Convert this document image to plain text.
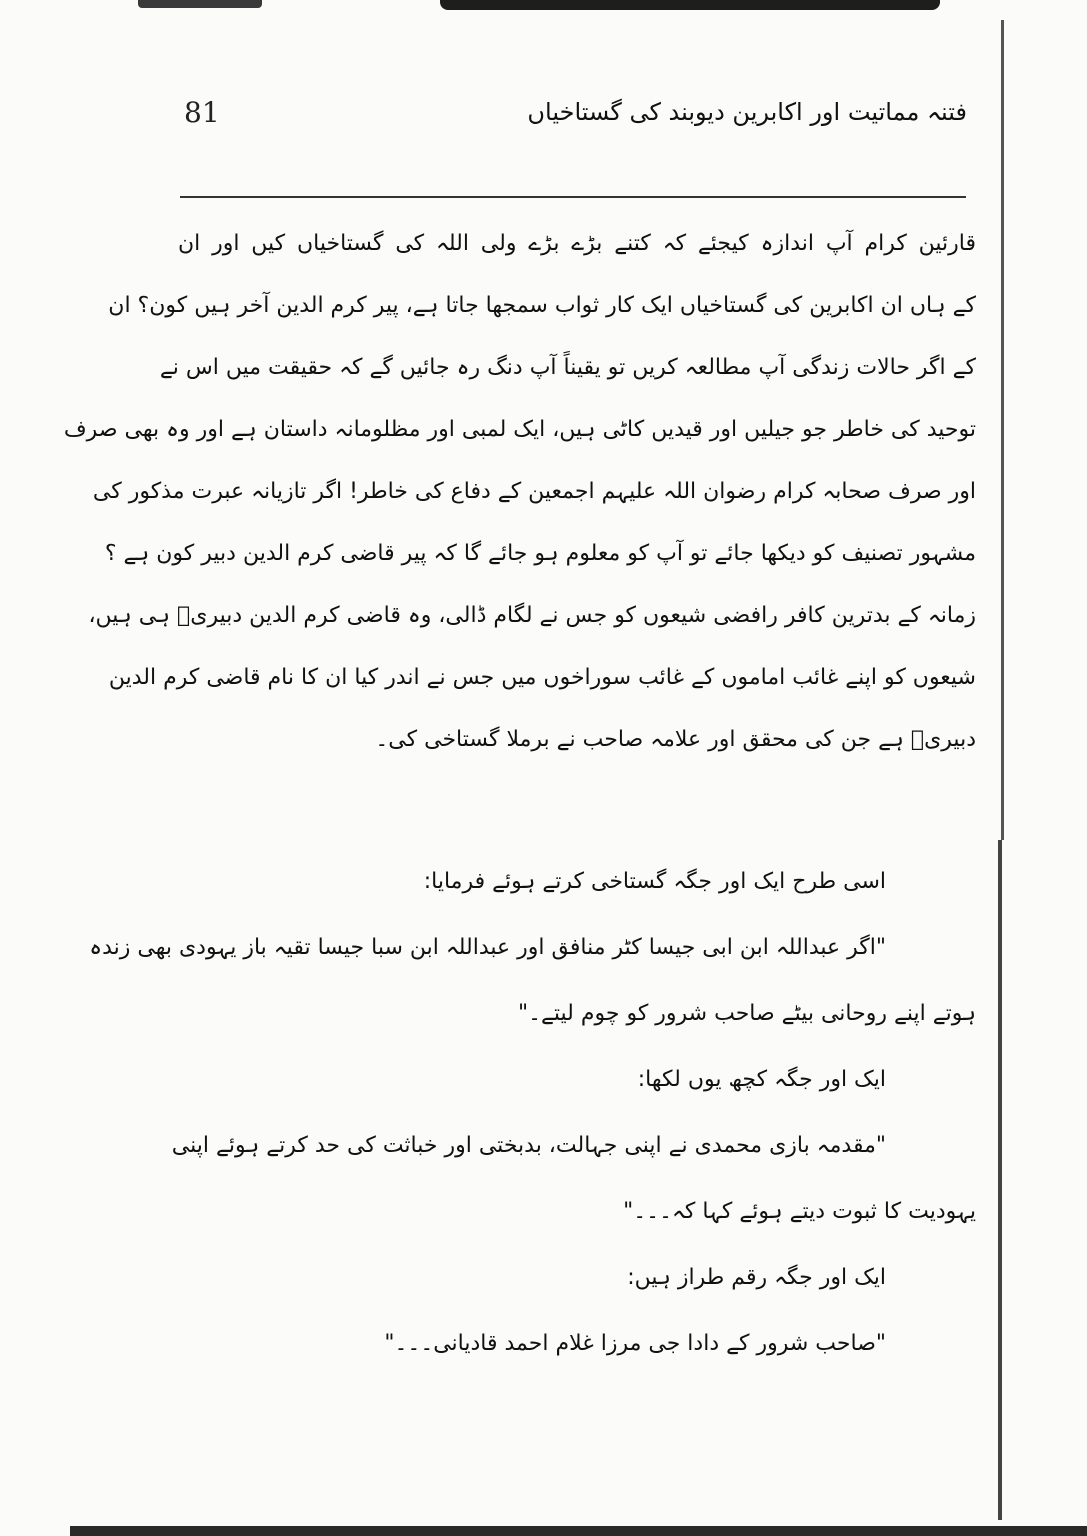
81	فتنہ مماتیت اور اکابرین دیوبند کی گستاخیاں
قارئین کرام آپ اندازہ کیجئے کہ کتنے بڑے بڑے ولی اللہ کی گستاخیاں کیں اور ان
کے ہاں ان اکابرین کی گستاخیاں ایک کار ثواب سمجھا جاتا ہے، پیر کرم الدین آخر ہیں کون؟ ان
کے اگر حالات زندگی آپ مطالعہ کریں تو یقیناً آپ دنگ رہ جائیں گے کہ حقیقت میں اس نے
توحید کی خاطر جو جیلیں اور قیدیں کاٹی ہیں، ایک لمبی اور مظلومانہ داستان ہے اور وہ بھی صرف
اور صرف صحابہ کرام رضوان اللہ علیہم اجمعین کے دفاع کی خاطر! اگر تازیانہ عبرت مذکور کی
مشہور تصنیف کو دیکھا جائے تو آپ کو معلوم ہو جائے گا کہ پیر قاضی کرم الدین دبیر کون ہے ؟
زمانہ کے بدترین کافر رافضی شیعوں کو جس نے لگام ڈالی، وہ قاضی کرم الدین دبیریؒ ہی ہیں،
شیعوں کو اپنے غائب اماموں کے غائب سوراخوں میں جس نے اندر کیا ان کا نام قاضی کرم الدین
دبیریؒ ہے جن کی محقق اور علامہ صاحب نے برملا گستاخی کی۔
اسی طرح ایک اور جگہ گستاخی کرتے ہوئے فرمایا:
"اگر عبداللہ ابن ابی جیسا کٹر منافق اور عبداللہ ابن سبا جیسا تقیہ باز یہودی بھی زندہ
ہوتے اپنے روحانی بیٹے صاحب شرور کو چوم لیتے۔"
ایک اور جگہ کچھ یوں لکھا:
"مقدمہ بازی محمدی نے اپنی جہالت، بدبختی اور خباثت کی حد کرتے ہوئے اپنی
یہودیت کا ثبوت دیتے ہوئے کہا کہ۔۔۔"
ایک اور جگہ رقم طراز ہیں:
"صاحب شرور کے دادا جی مرزا غلام احمد قادیانی۔۔۔"
